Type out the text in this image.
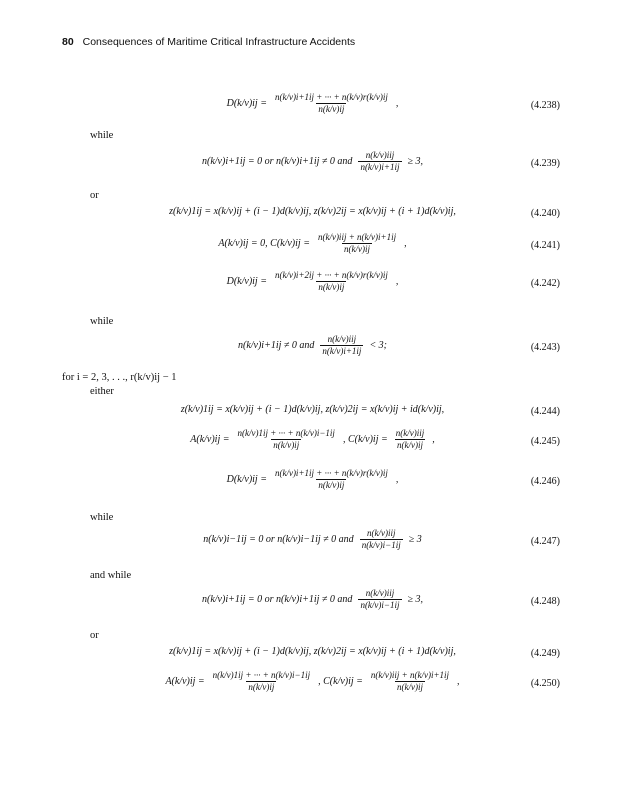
80 Consequences of Maritime Critical Infrastructure Accidents
$D(k/v)ij = \frac{n(k/v)i+1ij + \cdot\cdot\cdot + n(k/v)r(k/v)ij}{n(k/v)ij}$ ,	(4.238)
while
n(k/v)i+1ij = 0 or n(k/v)i+1ij ≠ 0 and $\frac{\text{n(k/v)iij}}{n(k/v)i+1ij} \ge 3$,	(4.239)
or
z(k/v)1ij = x(k/v)ij + (i − 1)d(k/v)ij, z(k/v)2ij = x(k/v)ij + (i + 1)d(k/v)ij,	(4.240)
A(k/v)ij = 0, $C(k/v)ij = \frac{\text{n(k/v)iij + n(k/v)i+1ij}}{n(k/v)ij}$ ,	(4.241)
$D(k/v)ij = \frac{n(k/v)i+2ij + \cdot\cdot\cdot + n(k/v)r(k/v)ij}{n(k/v)ij}$ ,	(4.242)
while
n(k/v)i+1ij ≠ 0 and $\frac{\text{n(k/v)iij}}{n(k/v)i+1ij} < 3$;	(4.243)
for i = 2, 3, . . ., r(k/v)ij − 1
either
z(k/v)1ij = x(k/v)ij + (i − 1)d(k/v)ij, z(k/v)2ij = x(k/v)ij + id(k/v)ij,	(4.244)
$A(k/v)ij = \frac{n(k/v)1ij + \cdot\cdot\cdot + n(k/v)i-1ij}{n(k/v)ij}$ , $C(k/v)ij = \frac{\text{n(k/v)iij}}{n(k/v)ij}$ ,	(4.245)
$D(k/v)ij = \frac{n(k/v)i+1ij + \cdot\cdot\cdot + n(k/v)r(k/v)ij}{n(k/v)ij}$ ,	(4.246)
while
n(k/v)i−1ij = 0 or n(k/v)i−1ij ≠ 0 and $\frac{\text{n(k/v)iij}}{n(k/v)i-1ij} \ge 3$	(4.247)
and while
n(k/v)i+1ij = 0 or n(k/v)i+1ij ≠ 0 and $\frac{\text{n(k/v)iij}}{n(k/v)i-1ij} \ge 3$,	(4.248)
or
z(k/v)1ij = x(k/v)ij + (i − 1)d(k/v)ij, z(k/v)2ij = x(k/v)ij + (i + 1)d(k/v)ij,	(4.249)
$A(k/v)ij = \frac{n(k/v)1ij + \cdot\cdot\cdot + n(k/v)i-1ij}{n(k/v)ij}$ , $C(k/v)ij = \frac{\text{n(k/v)iij + n(k/v)i+1ij}}{n(k/v)ij}$ ,	(4.250)
